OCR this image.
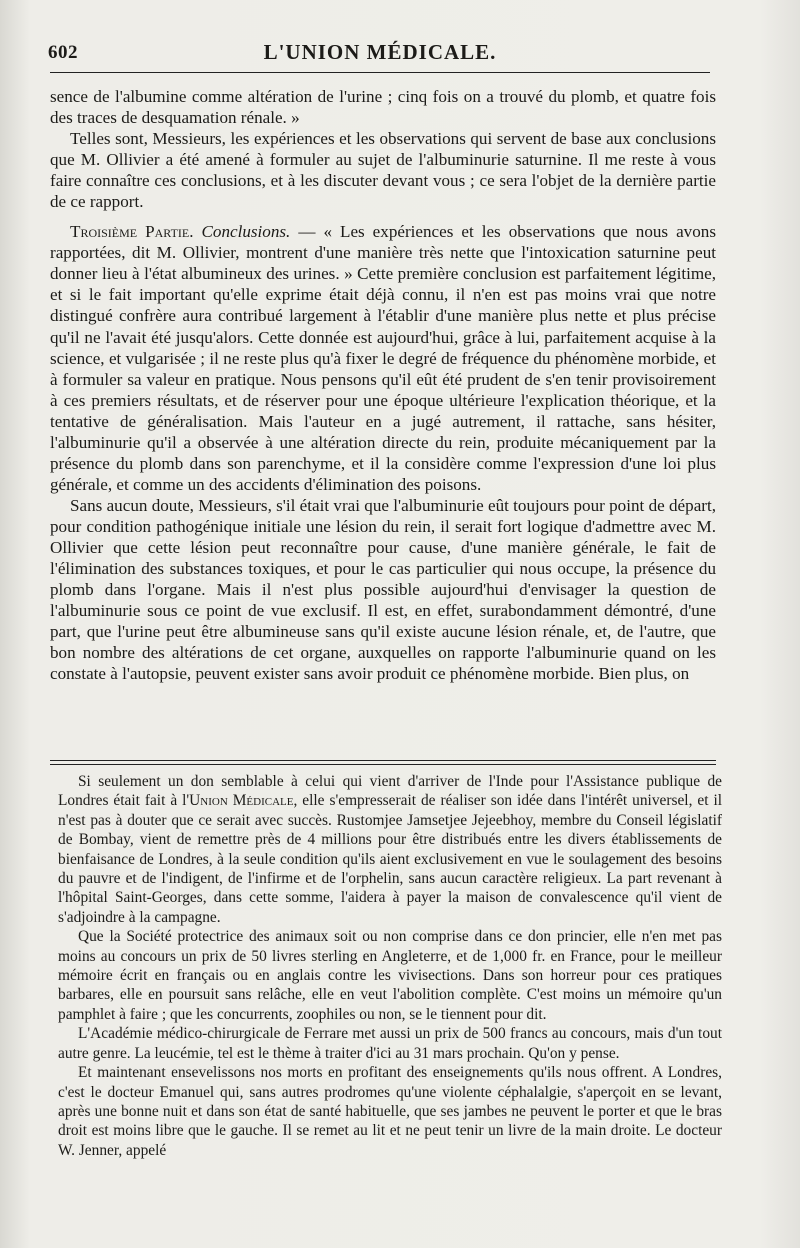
602	L'UNION MÉDICALE.

sence de l'albumine comme altération de l'urine ; cinq fois on a trouvé du plomb, et quatre fois des traces de desquamation rénale. »

Telles sont, Messieurs, les expériences et les observations qui servent de base aux conclusions que M. Ollivier a été amené à formuler au sujet de l'albuminurie saturnine. Il me reste à vous faire connaître ces conclusions, et à les discuter devant vous ; ce sera l'objet de la dernière partie de ce rapport.

Troisième Partie. Conclusions. — « Les expériences et les observations que nous avons rapportées, dit M. Ollivier, montrent d'une manière très nette que l'intoxication saturnine peut donner lieu à l'état albumineux des urines. » Cette première conclusion est parfaitement légitime, et si le fait important qu'elle exprime était déjà connu, il n'en est pas moins vrai que notre distingué confrère aura contribué largement à l'établir d'une manière plus nette et plus précise qu'il ne l'avait été jusqu'alors. Cette donnée est aujourd'hui, grâce à lui, parfaitement acquise à la science, et vulgarisée ; il ne reste plus qu'à fixer le degré de fréquence du phénomène morbide, et à formuler sa valeur en pratique. Nous pensons qu'il eût été prudent de s'en tenir provisoirement à ces premiers résultats, et de réserver pour une époque ultérieure l'explication théorique, et la tentative de généralisation. Mais l'auteur en a jugé autrement, il rattache, sans hésiter, l'albuminurie qu'il a observée à une altération directe du rein, produite mécaniquement par la présence du plomb dans son parenchyme, et il la considère comme l'expression d'une loi plus générale, et comme un des accidents d'élimination des poisons.

Sans aucun doute, Messieurs, s'il était vrai que l'albuminurie eût toujours pour point de départ, pour condition pathogénique initiale une lésion du rein, il serait fort logique d'admettre avec M. Ollivier que cette lésion peut reconnaître pour cause, d'une manière générale, le fait de l'élimination des substances toxiques, et pour le cas particulier qui nous occupe, la présence du plomb dans l'organe. Mais il n'est plus possible aujourd'hui d'envisager la question de l'albuminurie sous ce point de vue exclusif. Il est, en effet, surabondamment démontré, d'une part, que l'urine peut être albumineuse sans qu'il existe aucune lésion rénale, et, de l'autre, que bon nombre des altérations de cet organe, auxquelles on rapporte l'albuminurie quand on les constate à l'autopsie, peuvent exister sans avoir produit ce phénomène morbide. Bien plus, on

Si seulement un don semblable à celui qui vient d'arriver de l'Inde pour l'Assistance publique de Londres était fait à l'Union Médicale, elle s'empresserait de réaliser son idée dans l'intérêt universel, et il n'est pas à douter que ce serait avec succès. Rustomjee Jamsetjee Jejeebhoy, membre du Conseil législatif de Bombay, vient de remettre près de 4 millions pour être distribués entre les divers établissements de bienfaisance de Londres, à la seule condition qu'ils aient exclusivement en vue le soulagement des besoins du pauvre et de l'indigent, de l'infirme et de l'orphelin, sans aucun caractère religieux. La part revenant à l'hôpital Saint-Georges, dans cette somme, l'aidera à payer la maison de convalescence qu'il vient de s'adjoindre à la campagne.

Que la Société protectrice des animaux soit ou non comprise dans ce don princier, elle n'en met pas moins au concours un prix de 50 livres sterling en Angleterre, et de 1,000 fr. en France, pour le meilleur mémoire écrit en français ou en anglais contre les vivisections. Dans son horreur pour ces pratiques barbares, elle en poursuit sans relâche, elle en veut l'abolition complète. C'est moins un mémoire qu'un pamphlet à faire ; que les concurrents, zoophiles ou non, se le tiennent pour dit.

L'Académie médico-chirurgicale de Ferrare met aussi un prix de 500 francs au concours, mais d'un tout autre genre. La leucémie, tel est le thème à traiter d'ici au 31 mars prochain. Qu'on y pense.

Et maintenant ensevelissons nos morts en profitant des enseignements qu'ils nous offrent. A Londres, c'est le docteur Emanuel qui, sans autres prodromes qu'une violente céphalalgie, s'aperçoit en se levant, après une bonne nuit et dans son état de santé habituelle, que ses jambes ne peuvent le porter et que le bras droit est moins libre que le gauche. Il se remet au lit et ne peut tenir un livre de la main droite. Le docteur W. Jenner, appelé
